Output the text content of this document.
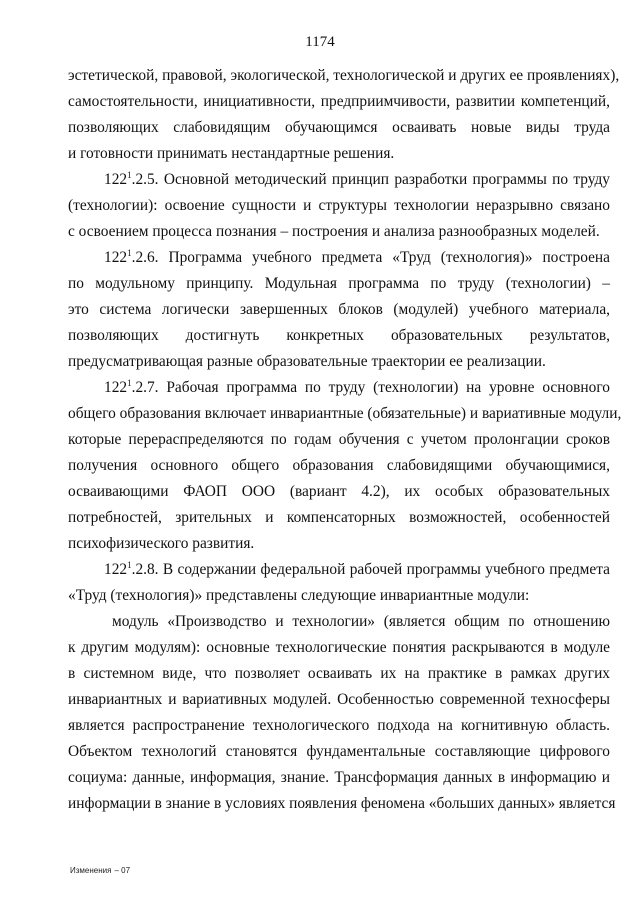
1174
эстетической, правовой, экологической, технологической и других ее проявлениях),
самостоятельности, инициативности, предприимчивости, развитии компетенций,
позволяющих слабовидящим обучающимся осваивать новые виды труда
и готовности принимать нестандартные решения.
$122^1.2.5$. Основной методический принцип разработки программы по труду
(технологии): освоение сущности и структуры технологии неразрывно связано
с освоением процесса познания – построения и анализа разнообразных моделей.
$122^1.2.6$. Программа учебного предмета «Труд (технология)» построена
по модульному принципу. Модульная программа по труду (технологии) –
это система логически завершенных блоков (модулей) учебного материала,
позволяющих достигнуть конкретных образовательных результатов,
предусматривающая разные образовательные траектории ее реализации.
$122^1.2.7$. Рабочая программа по труду (технологии) на уровне основного
общего образования включает инвариантные (обязательные) и вариативные модули,
которые перераспределяются по годам обучения с учетом пролонгации сроков
получения основного общего образования слабовидящими обучающимися,
осваивающими ФАОП ООО (вариант 4.2), их особых образовательных
потребностей, зрительных и компенсаторных возможностей, особенностей
психофизического развития.
$122^1.2.8$. В содержании федеральной рабочей программы учебного предмета
«Труд (технология)» представлены следующие инвариантные модули:
модуль «Производство и технологии» (является общим по отношению
к другим модулям): основные технологические понятия раскрываются в модуле
в системном виде, что позволяет осваивать их на практике в рамках других
инвариантных и вариативных модулей. Особенностью современной техносферы
является распространение технологического подхода на когнитивную область.
Объектом технологий становятся фундаментальные составляющие цифрового
социума: данные, информация, знание. Трансформация данных в информацию и
информации в знание в условиях появления феномена «больших данных» является
Изменения – 07
